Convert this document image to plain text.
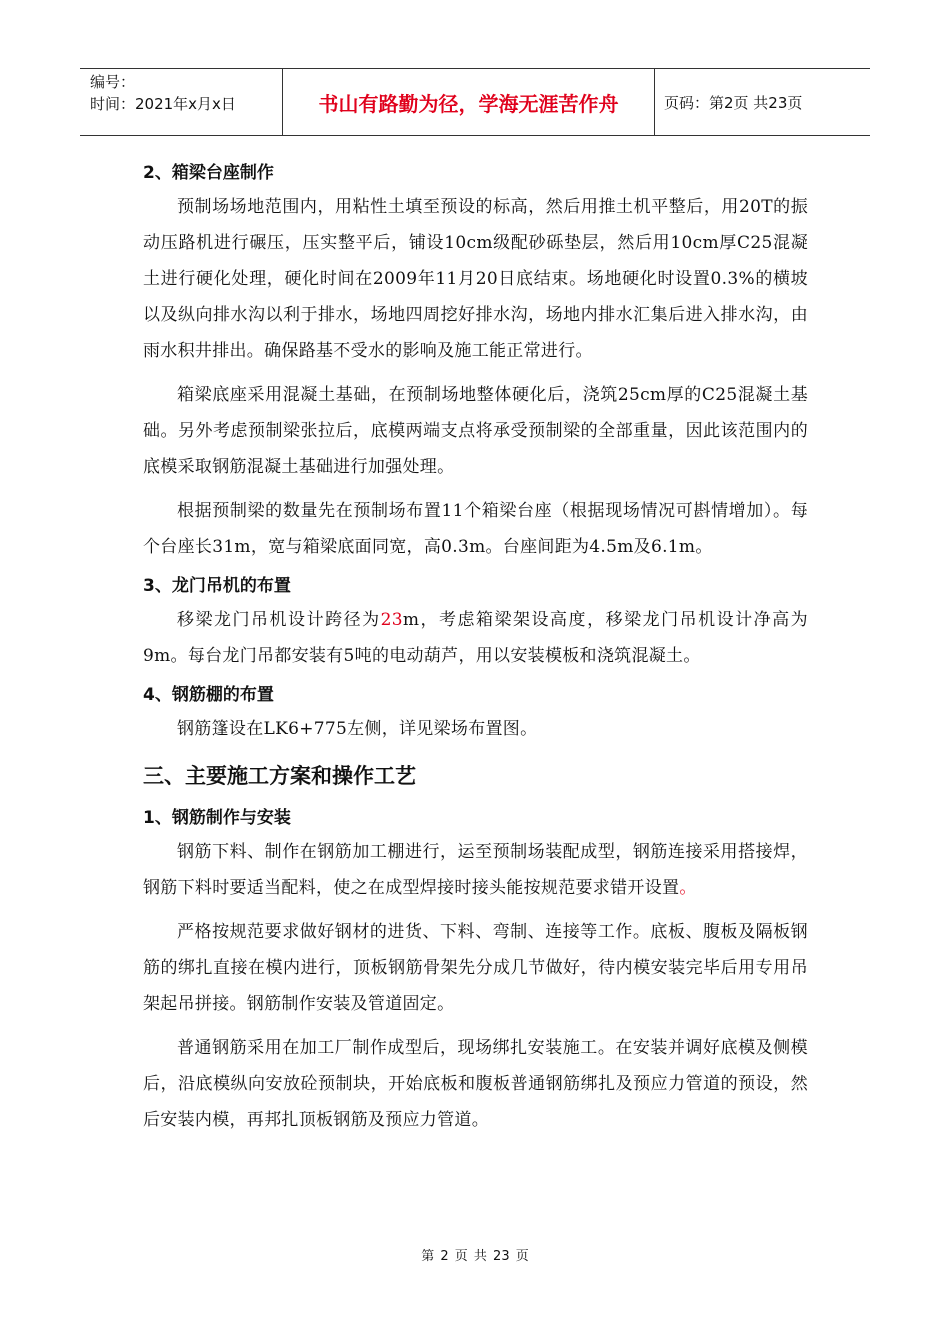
编号：
时间：2021年x月x日	书山有路勤为径，学海无涯苦作舟	页码：第2页 共23页
2、箱梁台座制作

预制场场地范围内，用粘性土填至预设的标高，然后用推土机平整后，用20T的振动压路机进行碾压，压实整平后，铺设10cm级配砂砾垫层，然后用10cm厚C25混凝土进行硬化处理，硬化时间在2009年11月20日底结束。场地硬化时设置0.3%的横坡以及纵向排水沟以利于排水，场地四周挖好排水沟，场地内排水汇集后进入排水沟，由雨水积井排出。确保路基不受水的影响及施工能正常进行。

箱梁底座采用混凝土基础，在预制场地整体硬化后，浇筑25cm厚的C25混凝土基础。另外考虑预制梁张拉后，底模两端支点将承受预制梁的全部重量，因此该范围内的底模采取钢筋混凝土基础进行加强处理。

根据预制梁的数量先在预制场布置11个箱梁台座（根据现场情况可斟情增加）。每个台座长31m，宽与箱梁底面同宽，高0.3m。台座间距为4.5m及6.1m。

3、龙门吊机的布置

移梁龙门吊机设计跨径为23m，考虑箱梁架设高度，移梁龙门吊机设计净高为9m。每台龙门吊都安装有5吨的电动葫芦，用以安装模板和浇筑混凝土。

4、钢筋棚的布置

钢筋篷设在LK6+775左侧，详见梁场布置图。

三、主要施工方案和操作工艺
1、钢筋制作与安装

钢筋下料、制作在钢筋加工棚进行，运至预制场装配成型，钢筋连接采用搭接焊，钢筋下料时要适当配料，使之在成型焊接时接头能按规范要求错开设置。

严格按规范要求做好钢材的进货、下料、弯制、连接等工作。底板、腹板及隔板钢筋的绑扎直接在模内进行，顶板钢筋骨架先分成几节做好，待内模安装完毕后用专用吊架起吊拼接。钢筋制作安装及管道固定。

普通钢筋采用在加工厂制作成型后，现场绑扎安装施工。在安装并调好底模及侧模后，沿底模纵向安放砼预制块，开始底板和腹板普通钢筋绑扎及预应力管道的预设，然后安装内模，再邦扎顶板钢筋及预应力管道。

第 2 页 共 23 页
